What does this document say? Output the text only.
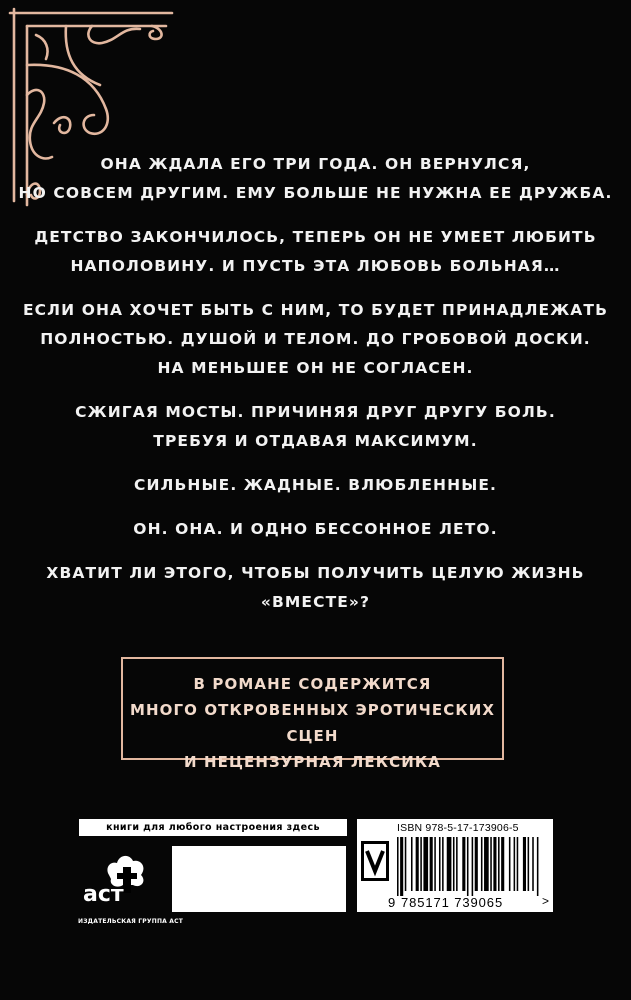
ОНА ЖДАЛА ЕГО ТРИ ГОДА. ОН ВЕРНУЛСЯ,
НО СОВСЕМ ДРУГИМ. ЕМУ БОЛЬШЕ НЕ НУЖНА ЕЕ ДРУЖБА.

ДЕТСТВО ЗАКОНЧИЛОСЬ, ТЕПЕРЬ ОН НЕ УМЕЕТ ЛЮБИТЬ
НАПОЛОВИНУ. И ПУСТЬ ЭТА ЛЮБОВЬ БОЛЬНАЯ…

ЕСЛИ ОНА ХОЧЕТ БЫТЬ С НИМ, ТО БУДЕТ ПРИНАДЛЕЖАТЬ
ПОЛНОСТЬЮ. ДУШОЙ И ТЕЛОМ. ДО ГРОБОВОЙ ДОСКИ.
НА МЕНЬШЕЕ ОН НЕ СОГЛАСЕН.

СЖИГАЯ МОСТЫ. ПРИЧИНЯЯ ДРУГ ДРУГУ БОЛЬ.
ТРЕБУЯ И ОТДАВАЯ МАКСИМУМ.

СИЛЬНЫЕ. ЖАДНЫЕ. ВЛЮБЛЕННЫЕ.

ОН. ОНА. И ОДНО БЕССОННОЕ ЛЕТО.

ХВАТИТ ЛИ ЭТОГО, ЧТОБЫ ПОЛУЧИТЬ ЦЕЛУЮ ЖИЗНЬ «ВМЕСТЕ»?

В РОМАНЕ СОДЕРЖИТСЯ
МНОГО ОТКРОВЕННЫХ ЭРОТИЧЕСКИХ СЦЕН
И НЕЦЕНЗУРНАЯ ЛЕКСИКА
книги для любого настроения здесь
аст
ИЗДАТЕЛЬСКАЯ ГРУППА АСТ
ISBN 978-5-17-173906-5
9 785171 739065	>
